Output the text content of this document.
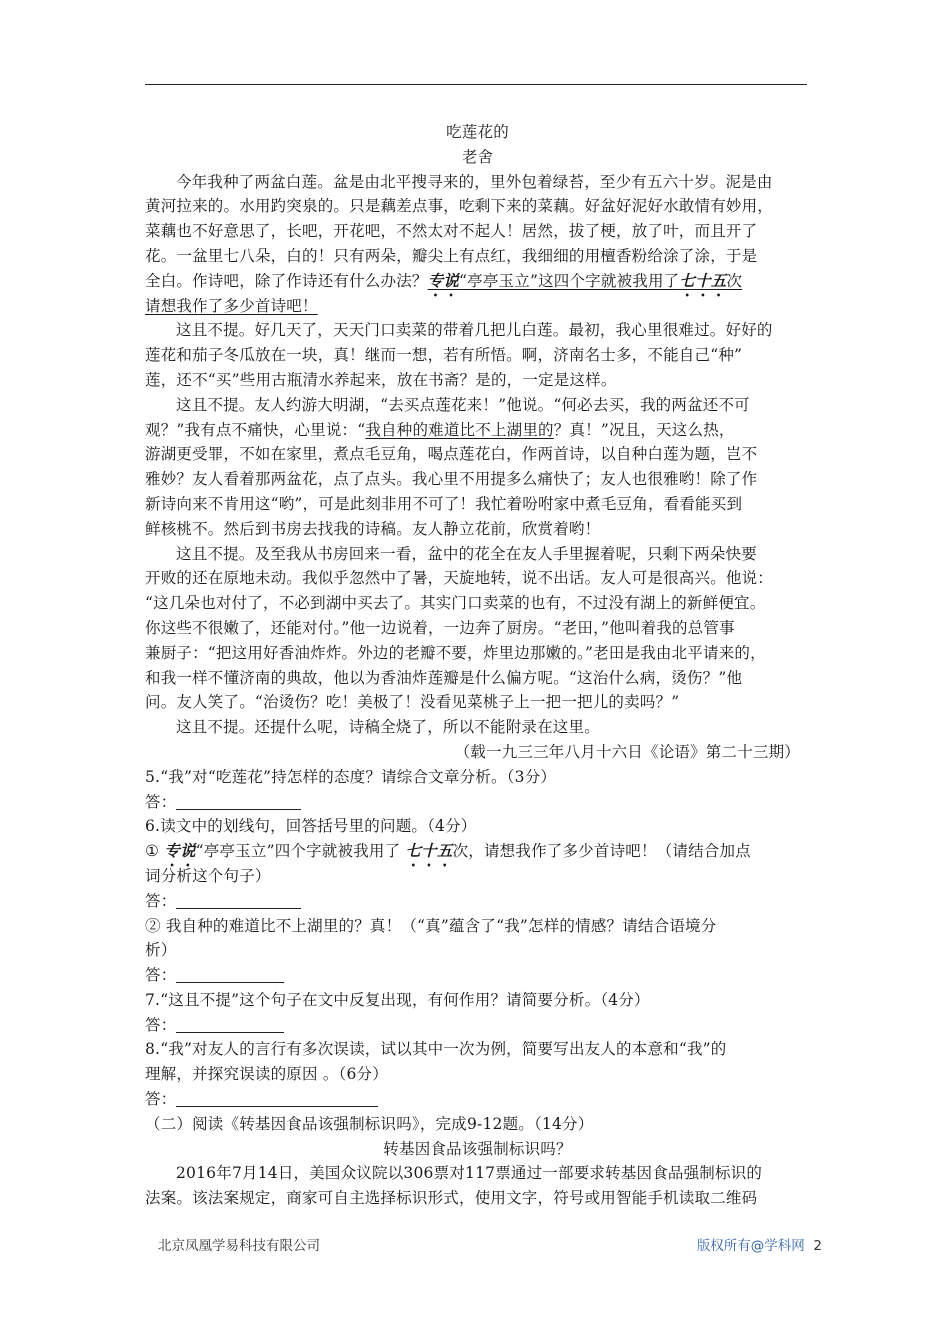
吃莲花的
老舍
今年我种了两盆白莲。盆是由北平搜寻来的，里外包着绿苔，至少有五六十岁。泥是由
黄河拉来的。水用趵突泉的。只是藕差点事，吃剩下来的菜藕。好盆好泥好水敢情有妙用，
菜藕也不好意思了，长吧，开花吧，不然太对不起人！居然，拔了梗，放了叶，而且开了
花。一盆里七八朵，白的！只有两朵，瓣尖上有点红，我细细的用檀香粉给涂了涂，于是
全白。作诗吧，除了作诗还有什么办法？专说“亭亭玉立”这四个字就被我用了七十五次
请想我作了多少首诗吧！
这且不提。好几天了，天天门口卖菜的带着几把儿白莲。最初，我心里很难过。好好的
莲花和茄子冬瓜放在一块，真！继而一想，若有所悟。啊，济南名士多，不能自己“种”
莲，还不“买”些用古瓶清水养起来，放在书斋？是的，一定是这样。
这且不提。友人约游大明湖，“去买点莲花来！”他说。“何必去买，我的两盆还不可
观？”我有点不痛快，心里说：“我自种的难道比不上湖里的？真！”况且，天这么热，
游湖更受罪，不如在家里，煮点毛豆角，喝点莲花白，作两首诗，以自种白莲为题，岂不
雅妙？友人看着那两盆花，点了点头。我心里不用提多么痛快了；友人也很雅哟！除了作
新诗向来不肯用这“哟”，可是此刻非用不可了！我忙着吩咐家中煮毛豆角，看看能买到
鲜核桃不。然后到书房去找我的诗稿。友人静立花前，欣赏着哟！
这且不提。及至我从书房回来一看，盆中的花全在友人手里握着呢，只剩下两朵快要
开败的还在原地未动。我似乎忽然中了暑，天旋地转，说不出话。友人可是很高兴。他说：
“这几朵也对付了，不必到湖中买去了。其实门口卖菜的也有，不过没有湖上的新鲜便宜。
你这些不很嫩了，还能对付。”他一边说着，一边奔了厨房。“老田，”他叫着我的总管事
兼厨子：“把这用好香油炸炸。外边的老瓣不要，炸里边那嫩的。”老田是我由北平请来的，
和我一样不懂济南的典故，他以为香油炸莲瓣是什么偏方呢。“这治什么病，烫伤？”他
问。友人笑了。“治烫伤？吃！美极了！没看见菜桃子上一把一把儿的卖吗？”
这且不提。还提什么呢，诗稿全烧了，所以不能附录在这里。
（载一九三三年八月十六日《论语》第二十三期）
5.“我”对“吃莲花”持怎样的态度？请综合文章分析。（3分）
答：
6.读文中的划线句，回答括号里的问题。（4分）
① 专说“亭亭玉立”四个字就被我用了 七十五次，请想我作了多少首诗吧！（请结合加点
词分析这个句子）
答：
② 我自种的难道比不上湖里的？真！（“真”蕴含了“我”怎样的情感？请结合语境分
析）
答：
7.“这且不提”这个句子在文中反复出现，有何作用？请简要分析。（4分）
答：
8.“我”对友人的言行有多次误读，试以其中一次为例，简要写出友人的本意和“我”的
理解，并探究误读的原因 。（6分）
答：
（二）阅读《转基因食品该强制标识吗》，完成9-12题。（14分）
转基因食品该强制标识吗？
2016年7月14日，美国众议院以306票对117票通过一部要求转基因食品强制标识的
法案。该法案规定，商家可自主选择标识形式，使用文字，符号或用智能手机读取二维码
北京凤凰学易科技有限公司	版权所有@学科网 2
